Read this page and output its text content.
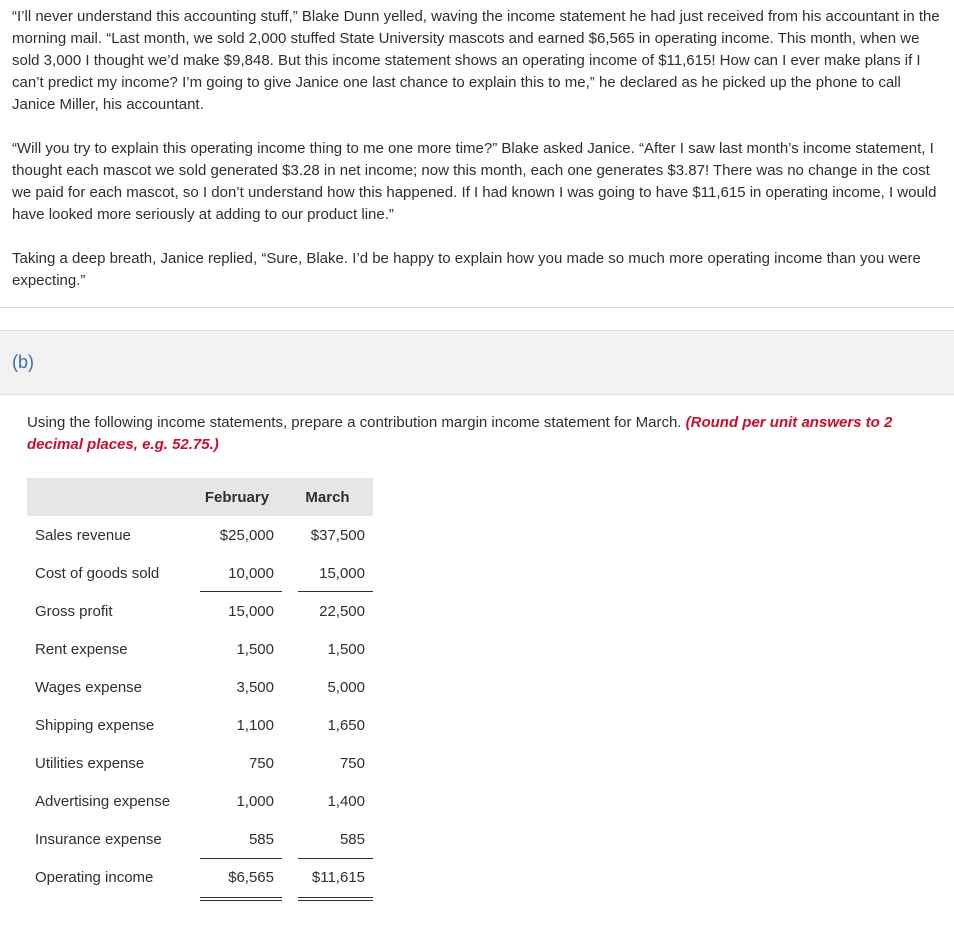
“I’ll never understand this accounting stuff,” Blake Dunn yelled, waving the income statement he had just received from his accountant in the morning mail. “Last month, we sold 2,000 stuffed State University mascots and earned $6,565 in operating income. This month, when we sold 3,000 I thought we’d make $9,848. But this income statement shows an operating income of $11,615! How can I ever make plans if I can’t predict my income? I’m going to give Janice one last chance to explain this to me,” he declared as he picked up the phone to call Janice Miller, his accountant.

“Will you try to explain this operating income thing to me one more time?” Blake asked Janice. “After I saw last month’s income statement, I thought each mascot we sold generated $3.28 in net income; now this month, each one generates $3.87! There was no change in the cost we paid for each mascot, so I don’t understand how this happened. If I had known I was going to have $11,615 in operating income, I would have looked more seriously at adding to our product line.”

Taking a deep breath, Janice replied, “Sure, Blake. I’d be happy to explain how you made so much more operating income than you were expecting.”

(b)
Using the following income statements, prepare a contribution margin income statement for March. (Round per unit answers to 2 decimal places, e.g. 52.75.)
	February	March
Sales revenue	$25,000	$37,500
Cost of goods sold	10,000	15,000
Gross profit	15,000	22,500
Rent expense	1,500	1,500
Wages expense	3,500	5,000
Shipping expense	1,100	1,650
Utilities expense	750	750
Advertising expense	1,000	1,400
Insurance expense	585	585
Operating income	$6,565	$11,615
